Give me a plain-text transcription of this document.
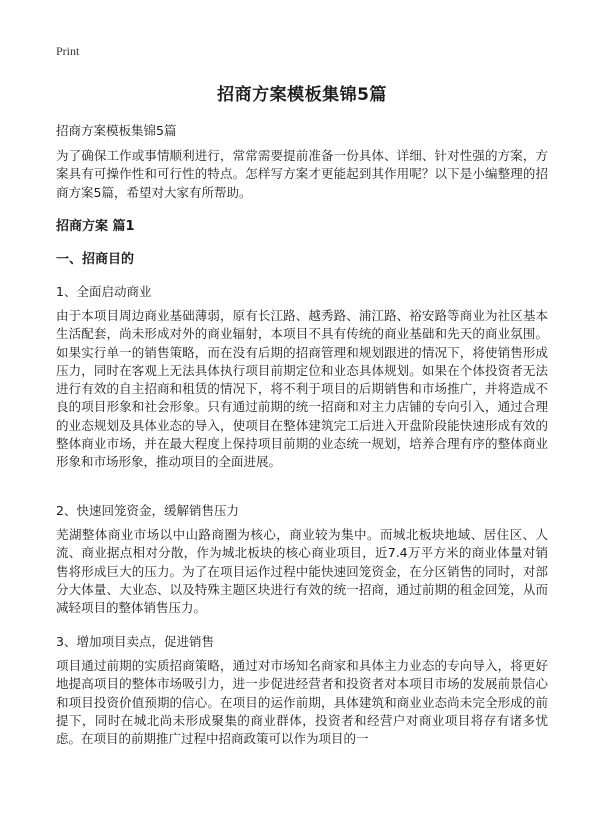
Print
招商方案模板集锦5篇
招商方案模板集锦5篇
为了确保工作或事情顺利进行，常常需要提前准备一份具体、详细、针对性强的方案，方案具有可操作性和可行性的特点。怎样写方案才更能起到其作用呢？以下是小编整理的招商方案5篇，希望对大家有所帮助。
招商方案 篇1
一、招商目的
1、全面启动商业
由于本项目周边商业基础薄弱，原有长江路、越秀路、浦江路、裕安路等商业为社区基本生活配套，尚未形成对外的商业辐射，本项目不具有传统的商业基础和先天的商业氛围。如果实行单一的销售策略，而在没有后期的招商管理和规划跟进的情况下，将使销售形成压力，同时在客观上无法具体执行项目前期定位和业态具体规划。如果在个体投资者无法进行有效的自主招商和租赁的情况下，将不利于项目的后期销售和市场推广，并将造成不良的项目形象和社会形象。只有通过前期的统一招商和对主力店铺的专向引入，通过合理的业态规划及具体业态的导入，使项目在整体建筑完工后进入开盘阶段能快速形成有效的整体商业市场，并在最大程度上保持项目前期的业态统一规划，培养合理有序的整体商业形象和市场形象，推动项目的全面进展。
2、快速回笼资金，缓解销售压力
芜湖整体商业市场以中山路商圈为核心，商业较为集中。而城北板块地域、居住区、人流、商业据点相对分散，作为城北板块的核心商业项目，近7.4万平方米的商业体量对销售将形成巨大的压力。为了在项目运作过程中能快速回笼资金，在分区销售的同时，对部分大体量、大业态、以及特殊主题区块进行有效的统一招商，通过前期的租金回笼，从而减轻项目的整体销售压力。
3、增加项目卖点，促进销售
项目通过前期的实质招商策略，通过对市场知名商家和具体主力业态的专向导入，将更好地提高项目的整体市场吸引力，进一步促进经营者和投资者对本项目市场的发展前景信心和项目投资价值预期的信心。在项目的运作前期，具体建筑和商业业态尚未完全形成的前提下，同时在城北尚未形成聚集的商业群体，投资者和经营户对商业项目将存有诸多忧虑。在项目的前期推广过程中招商政策可以作为项目的一
